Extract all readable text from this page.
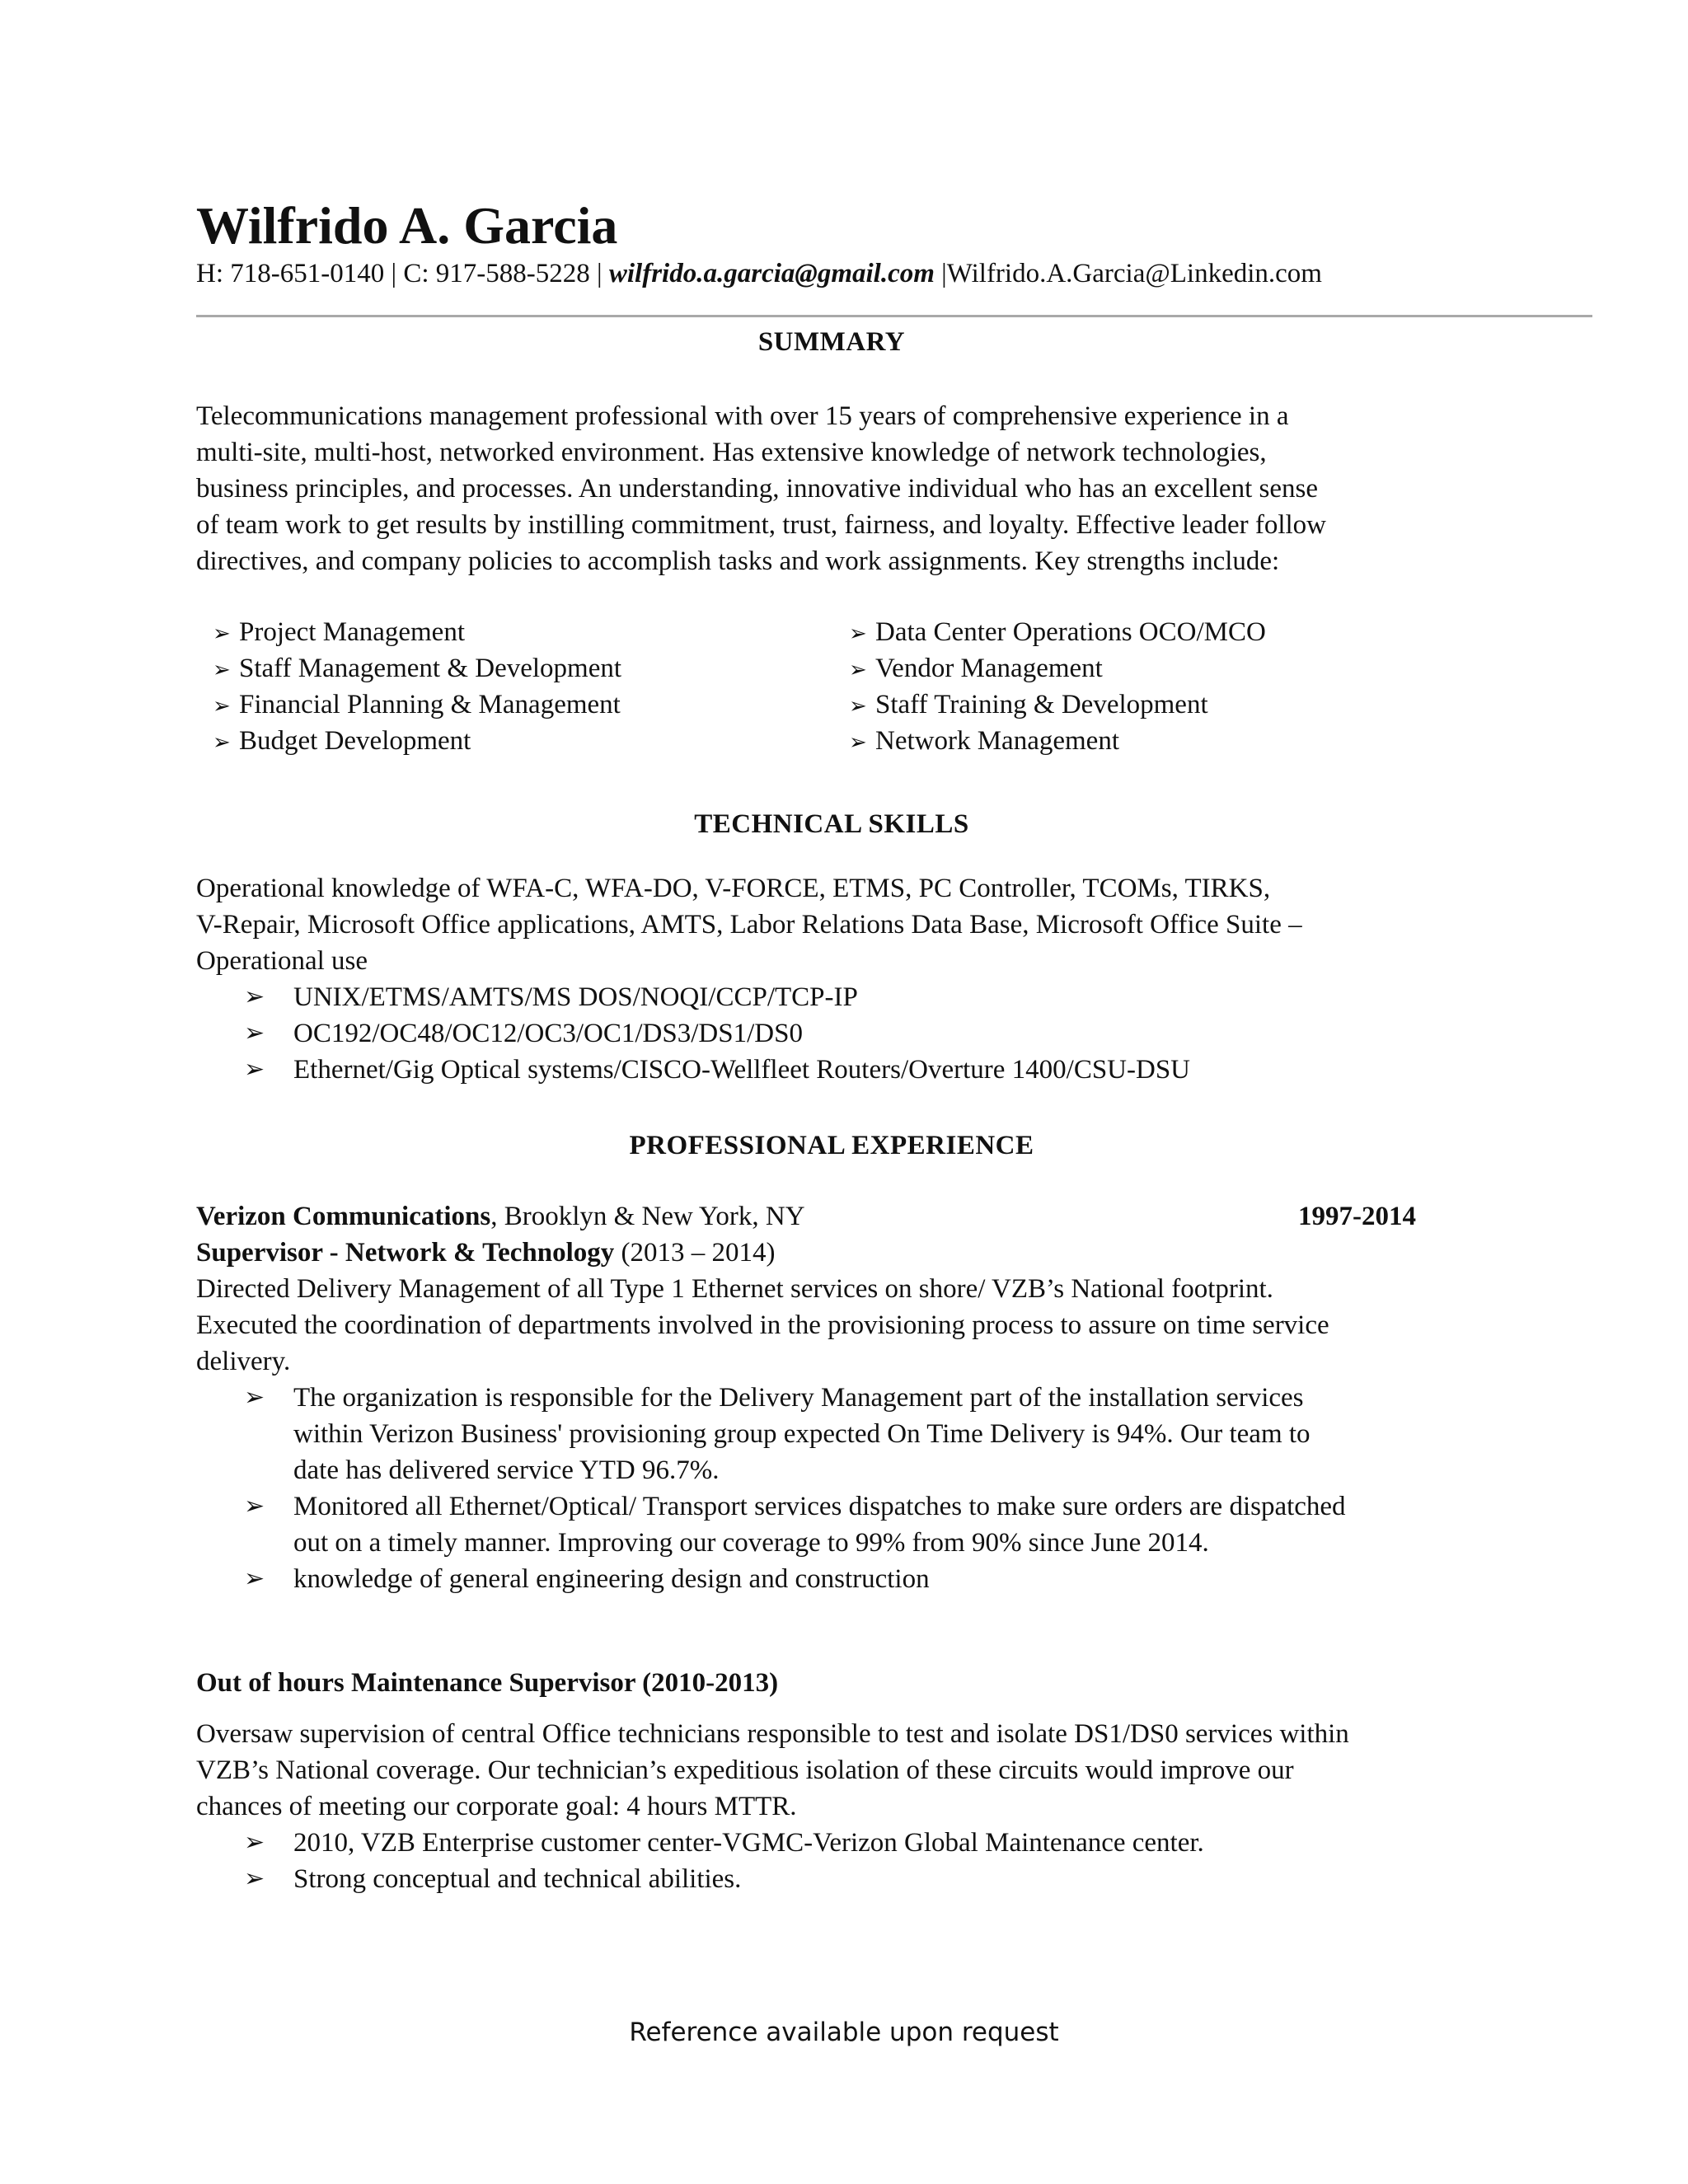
Wilfrido A. Garcia
H: 718-651-0140 | C: 917-588-5228 | wilfrido.a.garcia@gmail.com |Wilfrido.A.Garcia@Linkedin.com
SUMMARY
Telecommunications management professional with over 15 years of comprehensive experience in a
multi-site, multi-host, networked environment. Has extensive knowledge of network technologies,
business principles, and processes. An understanding, innovative individual who has an excellent sense
of team work to get results by instilling commitment, trust, fairness, and loyalty. Effective leader follow
directives, and company policies to accomplish tasks and work assignments. Key strengths include:
➢ Project Management
➢ Staff Management & Development
➢ Financial Planning & Management
➢ Budget Development
➢ Data Center Operations OCO/MCO
➢ Vendor Management
➢ Staff Training & Development
➢ Network Management
TECHNICAL SKILLS
Operational knowledge of WFA-C, WFA-DO, V-FORCE, ETMS, PC Controller, TCOMs, TIRKS,
V-Repair, Microsoft Office applications, AMTS, Labor Relations Data Base, Microsoft Office Suite –
Operational use
➢ UNIX/ETMS/AMTS/MS DOS/NOQI/CCP/TCP-IP
➢ OC192/OC48/OC12/OC3/OC1/DS3/DS1/DS0
➢ Ethernet/Gig Optical systems/CISCO-Wellfleet Routers/Overture 1400/CSU-DSU
PROFESSIONAL EXPERIENCE
Verizon Communications, Brooklyn & New York, NY	1997-2014
Supervisor - Network & Technology (2013 – 2014)
Directed Delivery Management of all Type 1 Ethernet services on shore/ VZB’s National footprint.
Executed the coordination of departments involved in the provisioning process to assure on time service
delivery.
➢ The organization is responsible for the Delivery Management part of the installation services
within Verizon Business' provisioning group expected On Time Delivery is 94%. Our team to
date has delivered service YTD 96.7%.
➢ Monitored all Ethernet/Optical/ Transport services dispatches to make sure orders are dispatched
out on a timely manner. Improving our coverage to 99% from 90% since June 2014.
➢ knowledge of general engineering design and construction
Out of hours Maintenance Supervisor (2010-2013)
Oversaw supervision of central Office technicians responsible to test and isolate DS1/DS0 services within
VZB’s National coverage. Our technician’s expeditious isolation of these circuits would improve our
chances of meeting our corporate goal: 4 hours MTTR.
➢ 2010, VZB Enterprise customer center-VGMC-Verizon Global Maintenance center.
➢ Strong conceptual and technical abilities.
Reference available upon request
